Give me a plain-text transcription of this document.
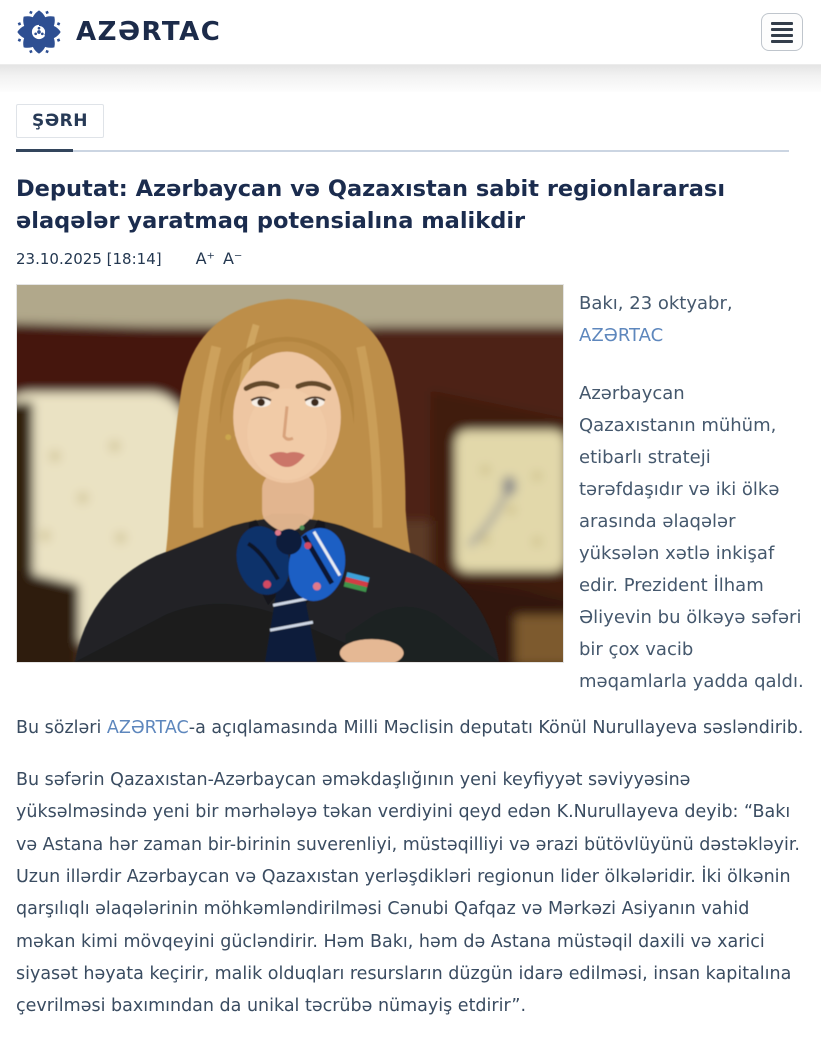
AZƏRTAC
ŞƏRH
Deputat: Azərbaycan və Qazaxıstan sabit regionlararası əlaqələr yaratmaq potensialına malikdir
23.10.2025 [18:14] A⁺ A⁻

Bakı, 23 oktyabr,
AZƏRTAC

Azərbaycan Qazaxıstanın mühüm, etibarlı strateji tərəfdaşıdır və iki ölkə arasında əlaqələr yüksələn xətlə inkişaf edir. Prezident İlham Əliyevin bu ölkəyə səfəri bir çox vacib məqamlarla yadda qaldı.

Bu sözləri AZƏRTAC-a açıqlamasında Milli Məclisin deputatı Könül Nurullayeva səsləndirib.

Bu səfərin Qazaxıstan-Azərbaycan əməkdaşlığının yeni keyfiyyət səviyyəsinə yüksəlməsində yeni bir mərhələyə təkan verdiyini qeyd edən K.Nurullayeva deyib: “Bakı və Astana hər zaman bir-birinin suverenliyi, müstəqilliyi və ərazi bütövlüyünü dəstəkləyir. Uzun illərdir Azərbaycan və Qazaxıstan yerləşdikləri regionun lider ölkələridir. İki ölkənin qarşılıqlı əlaqələrinin möhkəmləndirilməsi Cənubi Qafqaz və Mərkəzi Asiyanın vahid məkan kimi mövqeyini gücləndirir. Həm Bakı, həm də Astana müstəqil daxili və xarici siyasət həyata keçirir, malik olduqları resursların düzgün idarə edilməsi, insan kapitalına çevrilməsi baxımından da unikal təcrübə nümayiş etdirir”.
